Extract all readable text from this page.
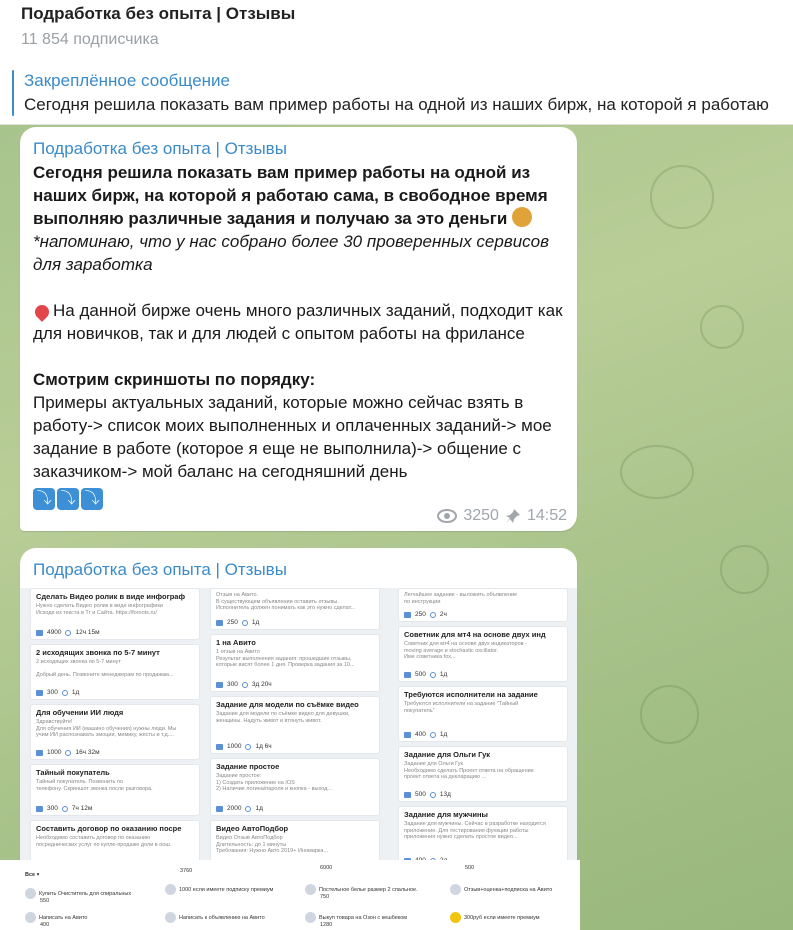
Подработка без опыта | Отзывы
11 854 подписчика
Закреплённое сообщение
Сегодня решила показать вам пример работы на одной из наших бирж, на которой я работаю
Подработка без опыта | Отзывы

Сегодня решила показать вам пример работы на одной из наших бирж, на которой я работаю сама, в свободное время выполняю различные задания и получаю за это деньги

*напоминаю, что у нас собрано более 30 проверенных сервисов для заработка

На данной бирже очень много различных заданий, подходит как для новичков, так и для людей с опытом работы на фрилансе

Смотрим скриншоты по порядку:

Примеры актуальных заданий, которые можно сейчас взять в работу-> список моих выполненных и оплаченных заданий-> мое задание в работе (которое я еще не выполнила)-> общение с заказчиком-> мой баланс на сегодняшний день

⤵ ⤵ ⤵

3250 14:52
Подработка без опыта | Отзывы
Сделать Видео ролик в виде инфограф
Нужно сделать Видео ролик в виде инфографики
Исходя из текста в Тг и Сайта. https://foroots.ru/
4900 12ч 15м
2 исходящих звонка по 5-7 минут
2 исходящих звонка по 5-7 минут

Добрый день. Позвоните менеджерам по продажам...
300 1д
Для обучении ИИ людя
Здравствуйте!
Для обучения ИИ (машино обучения) нужны люди. Мы
учим ИИ распознавать эмоции, мимику, жесты и т.д....
1000 16ч 32м
Тайный покупатель
Тайный покупатель. Позвонить по
телефону. Скриншот звонка после разговора.
300 7ч 12м
Составить договор по оказанию посре
Необходимо составить договор по оказанию
посреднических услуг по купле-продаже доли в оош.
Отзыв на Авито.
В существующем объявлении оставить отзывы.
Исполнитель должен понимать как это нужно сделат...
250 1д
1 на Авито
1 отзыв на Авито
Результат выполнения задания: прошедшие отзывы,
которые висят более 1 дня. Проверка задания за 10...
300 3д 20ч
Задание для модели по съёмке видео
Задание для модели по съёмке видео для девушки,
женщины. Надуть живот и втянуть живот.
1000 1д 6ч
Задание простое
Задание простое:
1) Создать приложение на IOS
2) Наличие логина/пароля и кнопка - выход...
2000 1д
Видео АвтоПодбор
Видео Отзыв АвтоПодбор
Длительность: до 1 минуты
Требования: Нужно Авто 2019+ Иномарка...
Легчайшее задание - выложить объявление
по инструкции
250 2ч
Советник для мт4 на основе двух инд
Советник для мт4 на основе двух индикаторов -
moving average и stochastic oscillator.
Име советника fox...
500 1д
Требуются исполнители на задание
Требуются исполнители на задание "Тайный
покупатель"
400 1д
Задание для Ольги Гук
Задание для Ольги Гук
Необходимо сделать Проект ответа на обращение
проект ответа на декларацию ...
500 13д
Задание для мужчины
Задание для мужчины. Сейчас в разработке находится
приложение. Для тестирования функции работы
приложения нужно сделать простое видео...
Все ▾
Купить Очиститель для спиральных
550
Написать на Авито
400
3760
1000 если имеете подписку премиум
Написать к объявлению на Авито
6000
Постельное белье размер 2 спальное.
750
Выкуп товара на Озон с кешбеком
1280
500
Отзыв+оценка+подписка на Авито
300руб если имеете премиум
